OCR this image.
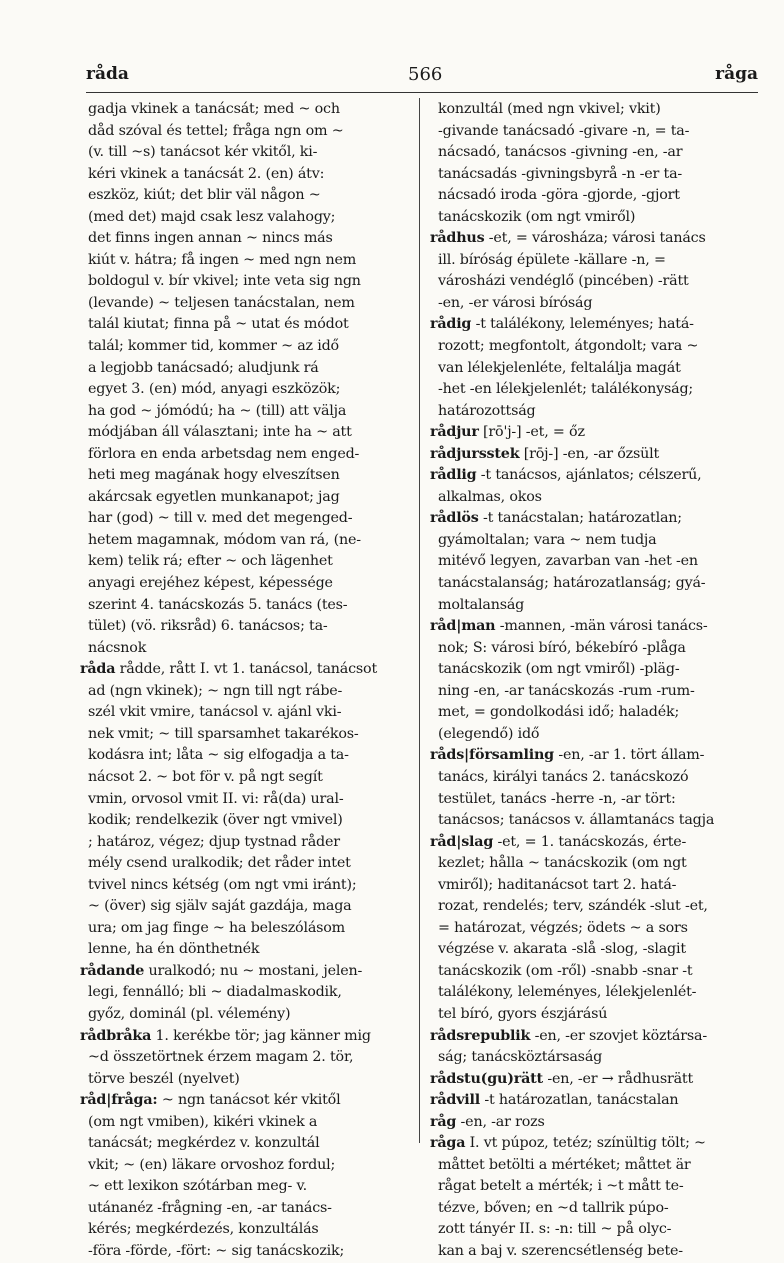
råda	566	råga
gadja vkinek a tanácsát; med ~ och
dåd szóval és tettel; fråga ngn om ~
(v. till ~s) tanácsot kér vkitől, ki-
kéri vkinek a tanácsát 2. (en) átv:
eszköz, kiút; det blir väl någon ~
(med det) majd csak lesz valahogy;
det finns ingen annan ~ nincs más
kiút v. hátra; få ingen ~ med ngn nem
boldogul v. bír vkivel; inte veta sig ngn
(levande) ~ teljesen tanácstalan, nem
talál kiutat; finna på ~ utat és módot
talál; kommer tid, kommer ~ az idő
a legjobb tanácsadó; aludjunk rá
egyet 3. (en) mód, anyagi eszközök;
ha god ~ jómódú; ha ~ (till) att välja
módjában áll választani; inte ha ~ att
förlora en enda arbetsdag nem enged-
heti meg magának hogy elveszítsen
akárcsak egyetlen munkanapot; jag
har (god) ~ till v. med det megenged-
hetem magamnak, módom van rá, (ne-
kem) telik rá; efter ~ och lägenhet
anyagi erejéhez képest, képessége
szerint 4. tanácskozás 5. tanács (tes-
tület) (vö. riksråd) 6. tanácsos; ta-
nácsnok
råda rådde, rått I. vt 1. tanácsol, tanácsot
ad (ngn vkinek); ~ ngn till ngt rábe-
szél vkit vmire, tanácsol v. ajánl vki-
nek vmit; ~ till sparsamhet takarékos-
kodásra int; låta ~ sig elfogadja a ta-
nácsot 2. ~ bot för v. på ngt segít
vmin, orvosol vmit II. vi: rå(da) ural-
kodik; rendelkezik (över ngt vmivel)
; határoz, végez; djup tystnad råder
mély csend uralkodik; det råder intet
tvivel nincs kétség (om ngt vmi iránt);
~ (över) sig själv saját gazdája, maga
ura; om jag finge ~ ha beleszólásom
lenne, ha én dönthetnék
rådande uralkodó; nu ~ mostani, jelen-
legi, fennálló; bli ~ diadalmaskodik,
győz, dominál (pl. vélemény)
rådbråka 1. kerékbe tör; jag känner mig
~d összetörtnek érzem magam 2. tör,
törve beszél (nyelvet)
råd|fråga: ~ ngn tanácsot kér vkitől
(om ngt vmiben), kikéri vkinek a
tanácsát; megkérdez v. konzultál
vkit; ~ (en) läkare orvoshoz fordul;
~ ett lexikon szótárban meg- v.
utánanéz -frågning -en, -ar tanács-
kérés; megkérdezés, konzultálás
-föra -förde, -fört: ~ sig tanácskozik;
konzultál (med ngn vkivel; vkit)
-givande tanácsadó -givare -n, = ta-
nácsadó, tanácsos -givning -en, -ar
tanácsadás -givningsbyrå -n -er ta-
nácsadó iroda -göra -gjorde, -gjort
tanácskozik (om ngt vmiről)
rådhus -et, = városháza; városi tanács
ill. bíróság épülete -källare -n, =
városházi vendéglő (pincében) -rätt
-en, -er városi bíróság
rådig -t találékony, leleményes; hatá-
rozott; megfontolt, átgondolt; vara ~
van lélekjelenléte, feltalálja magát
-het -en lélekjelenlét; találékonyság;
határozottság
rådjur [rō'j-] -et, = őz
rådjursstek [rōj-] -en, -ar őzsült
rådlig -t tanácsos, ajánlatos; célszerű,
alkalmas, okos
rådlös -t tanácstalan; határozatlan;
gyámoltalan; vara ~ nem tudja
mitévő legyen, zavarban van -het -en
tanácstalanság; határozatlanság; gyá-
moltalanság
råd|man -mannen, -män városi tanács-
nok; S: városi bíró, békebíró -plåga
tanácskozik (om ngt vmiről) -pläg-
ning -en, -ar tanácskozás -rum -rum-
met, = gondolkodási idő; haladék;
(elegendő) idő
råds|församling -en, -ar 1. tört állam-
tanács, királyi tanács 2. tanácskozó
testület, tanács -herre -n, -ar tört:
tanácsos; tanácsos v. államtanács tagja
råd|slag -et, = 1. tanácskozás, érte-
kezlet; hålla ~ tanácskozik (om ngt
vmiről); haditanácsot tart 2. hatá-
rozat, rendelés; terv, szándék -slut -et,
= határozat, végzés; ödets ~ a sors
végzése v. akarata -slå -slog, -slagit
tanácskozik (om -ről) -snabb -snar -t
találékony, leleményes, lélekjelenlét-
tel bíró, gyors észjárású
rådsrepublik -en, -er szovjet köztársa-
ság; tanácsköztársaság
rådstu(gu)rätt -en, -er → rådhusrätt
rådvill -t határozatlan, tanácstalan
råg -en, -ar rozs
råga I. vt púpoz, tetéz; színültig tölt; ~
måttet betölti a mértéket; måttet är
rågat betelt a mérték; i ~t mått te-
tézve, bőven; en ~d tallrik púpo-
zott tányér II. s: -n: till ~ på olyc-
kan a baj v. szerencsétlenség bete-
